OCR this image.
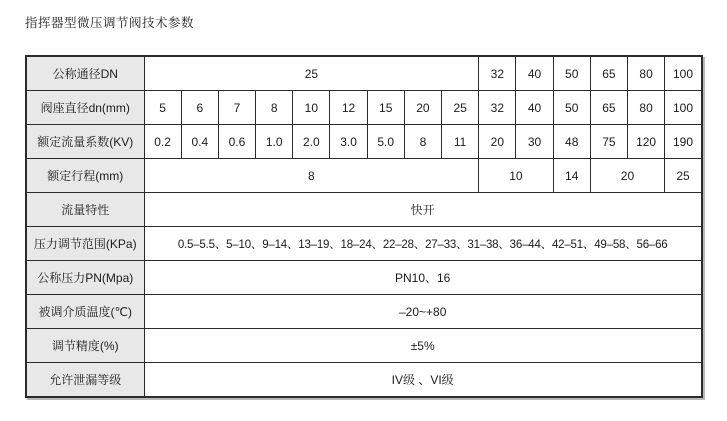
指挥器型微压调节阀技术参数
公称通径DN	25									32	40	50	65	80	100
阀座直径dn(mm)	5	6	7	8	10	12	15	20	25	32	40	50	65	80	100
额定流量系数(KV)	0.2	0.4	0.6	1.0	2.0	3.0	5.0	8	11	20	30	48	75	120	190
额定行程(mm)	8									10		14	20		25
流量特性	快开														
压力调节范围(KPa)	0.5–5.5、5–10、9–14、13–19、18–24、22–28、27–33、31–38、36–44、42–51、49–58、56–66														
公称压力PN(Mpa)	PN10、16														
被调介质温度(℃)	–20~+80														
调节精度(%)	±5%														
允许泄漏等级	IV级 、VI级														
